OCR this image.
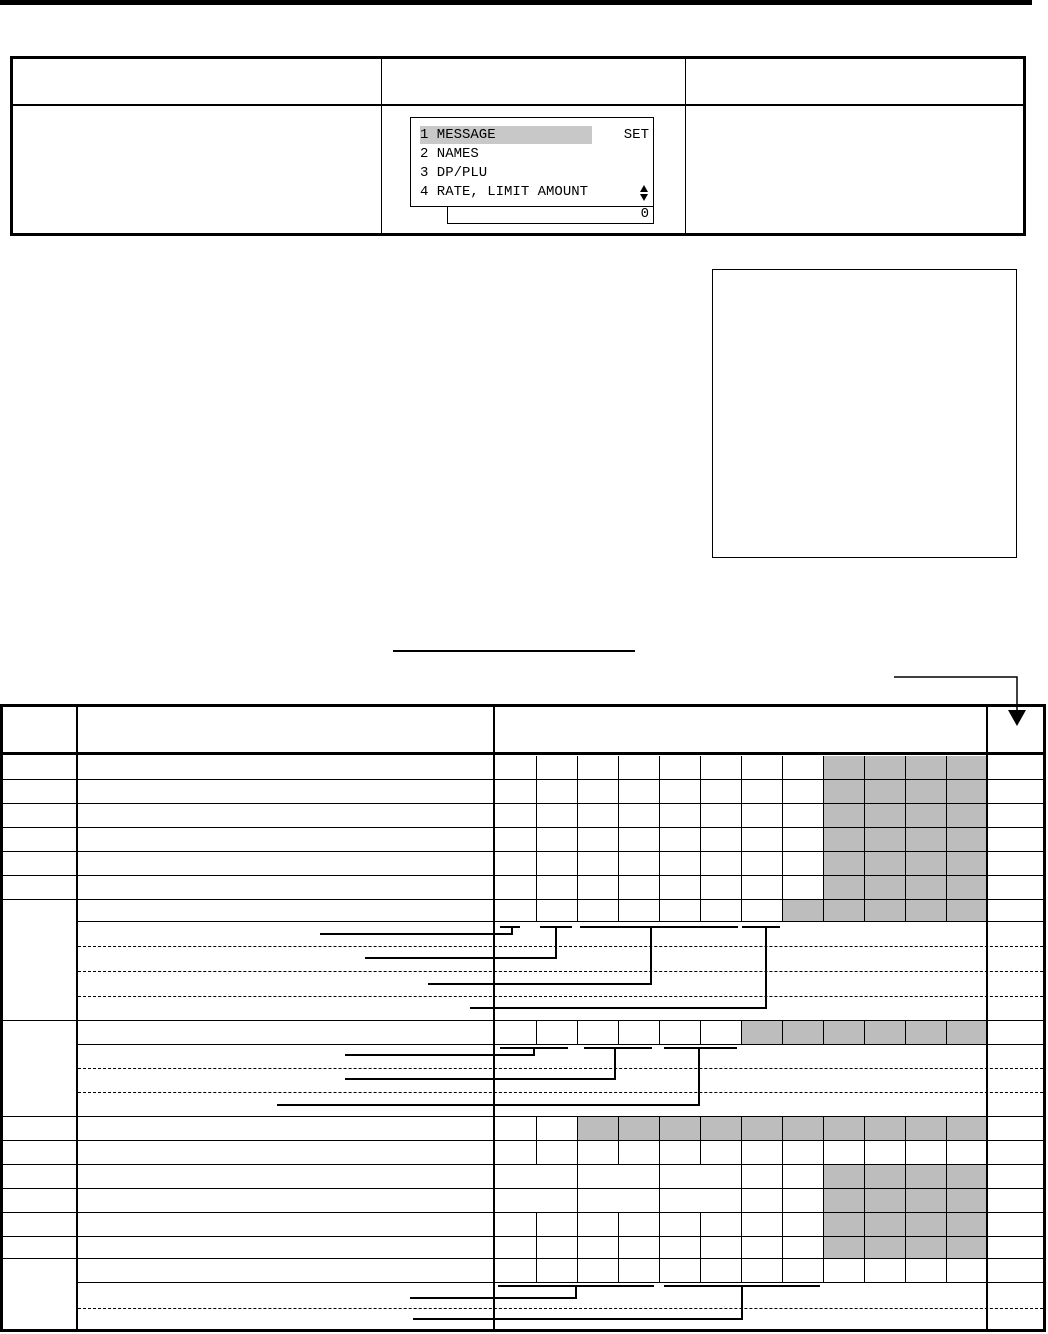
1 MESSAGE
2 NAMES
3 DP/PLU
4 RATE, LIMIT AMOUNT
SET
0
